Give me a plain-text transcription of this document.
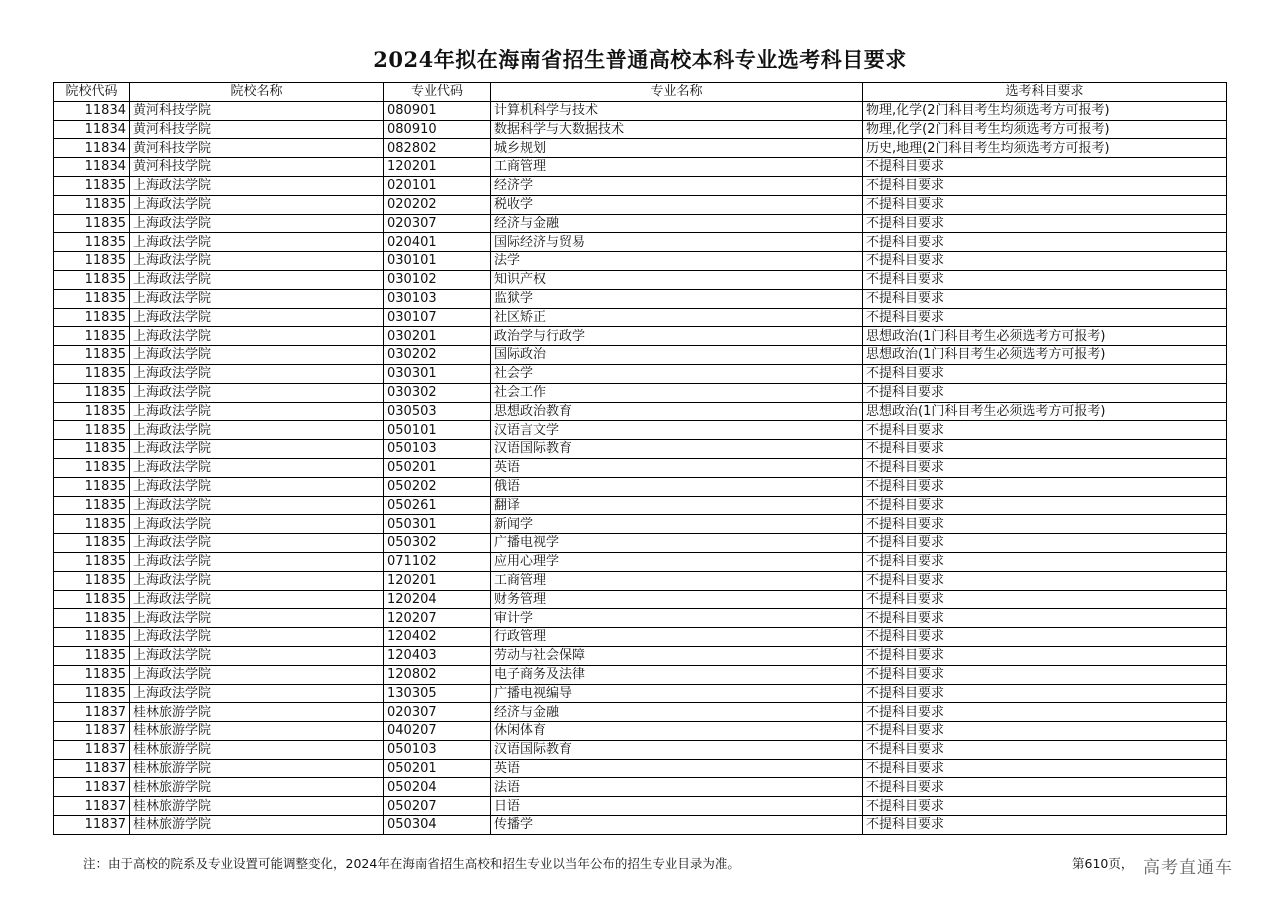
2024年拟在海南省招生普通高校本科专业选考科目要求
院校代码	院校名称	专业代码	专业名称	选考科目要求
11834	黄河科技学院	080901	计算机科学与技术	物理,化学(2门科目考生均须选考方可报考)
11834	黄河科技学院	080910	数据科学与大数据技术	物理,化学(2门科目考生均须选考方可报考)
11834	黄河科技学院	082802	城乡规划	历史,地理(2门科目考生均须选考方可报考)
11834	黄河科技学院	120201	工商管理	不提科目要求
11835	上海政法学院	020101	经济学	不提科目要求
11835	上海政法学院	020202	税收学	不提科目要求
11835	上海政法学院	020307	经济与金融	不提科目要求
11835	上海政法学院	020401	国际经济与贸易	不提科目要求
11835	上海政法学院	030101	法学	不提科目要求
11835	上海政法学院	030102	知识产权	不提科目要求
11835	上海政法学院	030103	监狱学	不提科目要求
11835	上海政法学院	030107	社区矫正	不提科目要求
11835	上海政法学院	030201	政治学与行政学	思想政治(1门科目考生必须选考方可报考)
11835	上海政法学院	030202	国际政治	思想政治(1门科目考生必须选考方可报考)
11835	上海政法学院	030301	社会学	不提科目要求
11835	上海政法学院	030302	社会工作	不提科目要求
11835	上海政法学院	030503	思想政治教育	思想政治(1门科目考生必须选考方可报考)
11835	上海政法学院	050101	汉语言文学	不提科目要求
11835	上海政法学院	050103	汉语国际教育	不提科目要求
11835	上海政法学院	050201	英语	不提科目要求
11835	上海政法学院	050202	俄语	不提科目要求
11835	上海政法学院	050261	翻译	不提科目要求
11835	上海政法学院	050301	新闻学	不提科目要求
11835	上海政法学院	050302	广播电视学	不提科目要求
11835	上海政法学院	071102	应用心理学	不提科目要求
11835	上海政法学院	120201	工商管理	不提科目要求
11835	上海政法学院	120204	财务管理	不提科目要求
11835	上海政法学院	120207	审计学	不提科目要求
11835	上海政法学院	120402	行政管理	不提科目要求
11835	上海政法学院	120403	劳动与社会保障	不提科目要求
11835	上海政法学院	120802	电子商务及法律	不提科目要求
11835	上海政法学院	130305	广播电视编导	不提科目要求
11837	桂林旅游学院	020307	经济与金融	不提科目要求
11837	桂林旅游学院	040207	休闲体育	不提科目要求
11837	桂林旅游学院	050103	汉语国际教育	不提科目要求
11837	桂林旅游学院	050201	英语	不提科目要求
11837	桂林旅游学院	050204	法语	不提科目要求
11837	桂林旅游学院	050207	日语	不提科目要求
11837	桂林旅游学院	050304	传播学	不提科目要求
注：由于高校的院系及专业设置可能调整变化，2024年在海南省招生高校和招生专业以当年公布的招生专业目录为准。	第610页， 高考直通车
